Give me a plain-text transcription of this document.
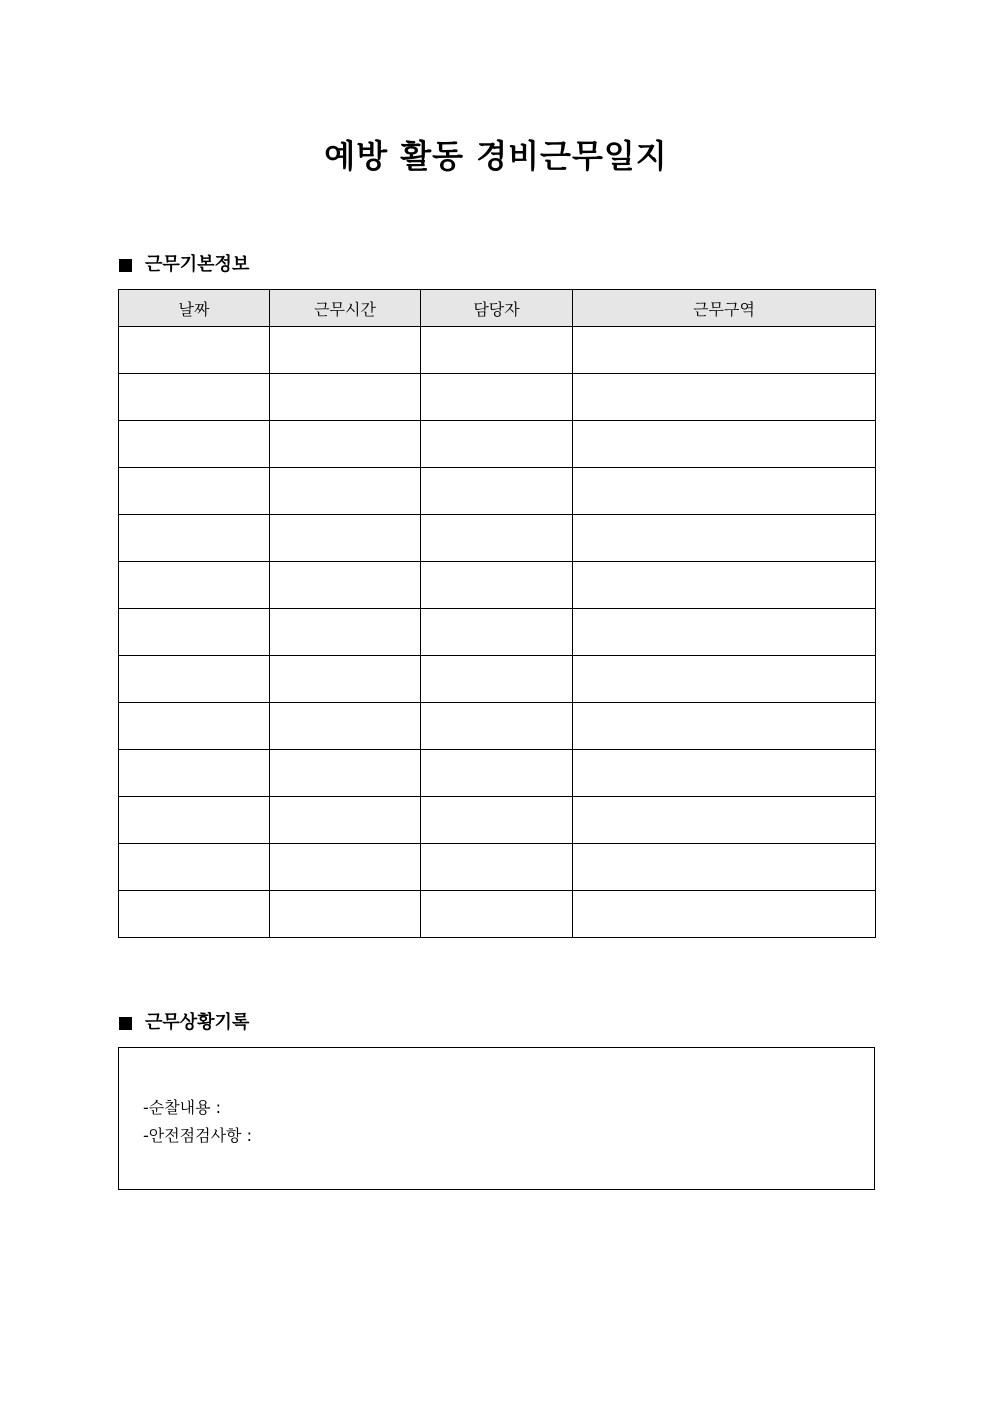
예방 활동 경비근무일지
근무기본정보
날짜	근무시간	담당자	근무구역

근무상황기록
-순찰내용 :
-안전점검사항 :
